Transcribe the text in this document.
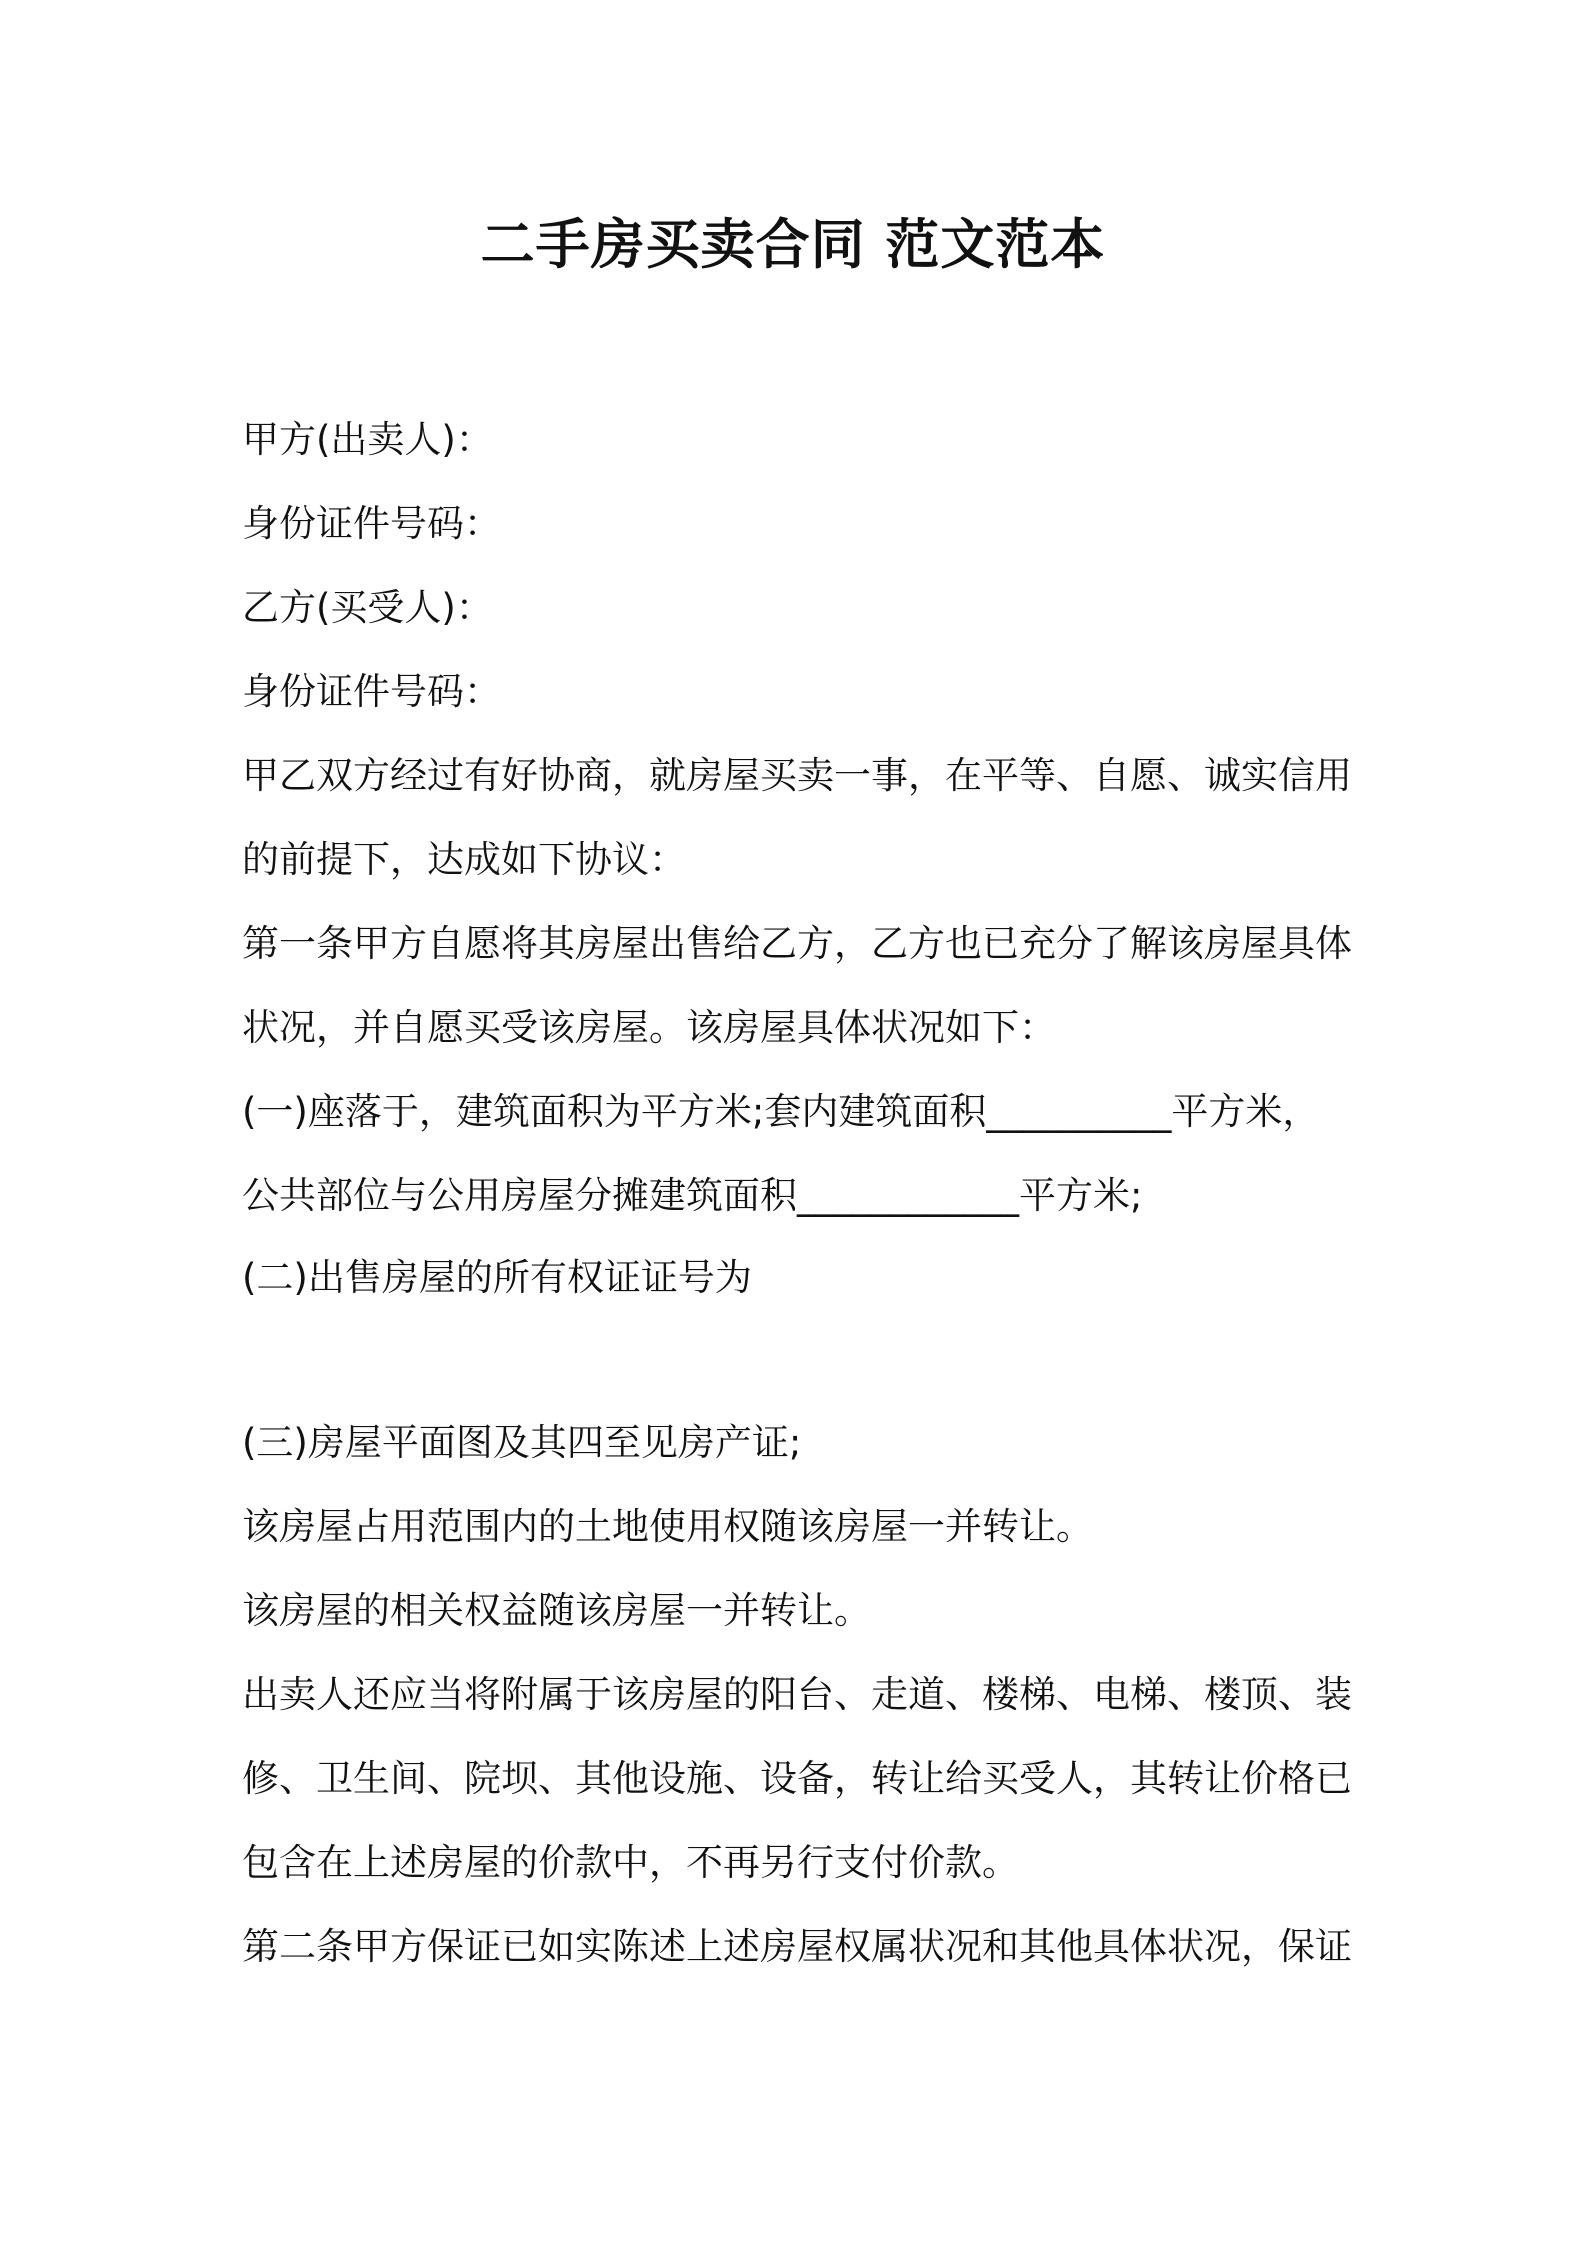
二手房买卖合同 范文范本
甲方(出卖人)：
身份证件号码：
乙方(买受人)：
身份证件号码：
甲乙双方经过有好协商，就房屋买卖一事，在平等、自愿、诚实信用
的前提下，达成如下协议：
第一条甲方自愿将其房屋出售给乙方，乙方也已充分了解该房屋具体
状况，并自愿买受该房屋。该房屋具体状况如下：
(一)座落于，建筑面积为平方米;套内建筑面积__________平方米，
公共部位与公用房屋分摊建筑面积____________平方米;
(二)出售房屋的所有权证证号为
(三)房屋平面图及其四至见房产证;
该房屋占用范围内的土地使用权随该房屋一并转让。
该房屋的相关权益随该房屋一并转让。
出卖人还应当将附属于该房屋的阳台、走道、楼梯、电梯、楼顶、装
修、卫生间、院坝、其他设施、设备，转让给买受人，其转让价格已
包含在上述房屋的价款中，不再另行支付价款。
第二条甲方保证已如实陈述上述房屋权属状况和其他具体状况，保证
